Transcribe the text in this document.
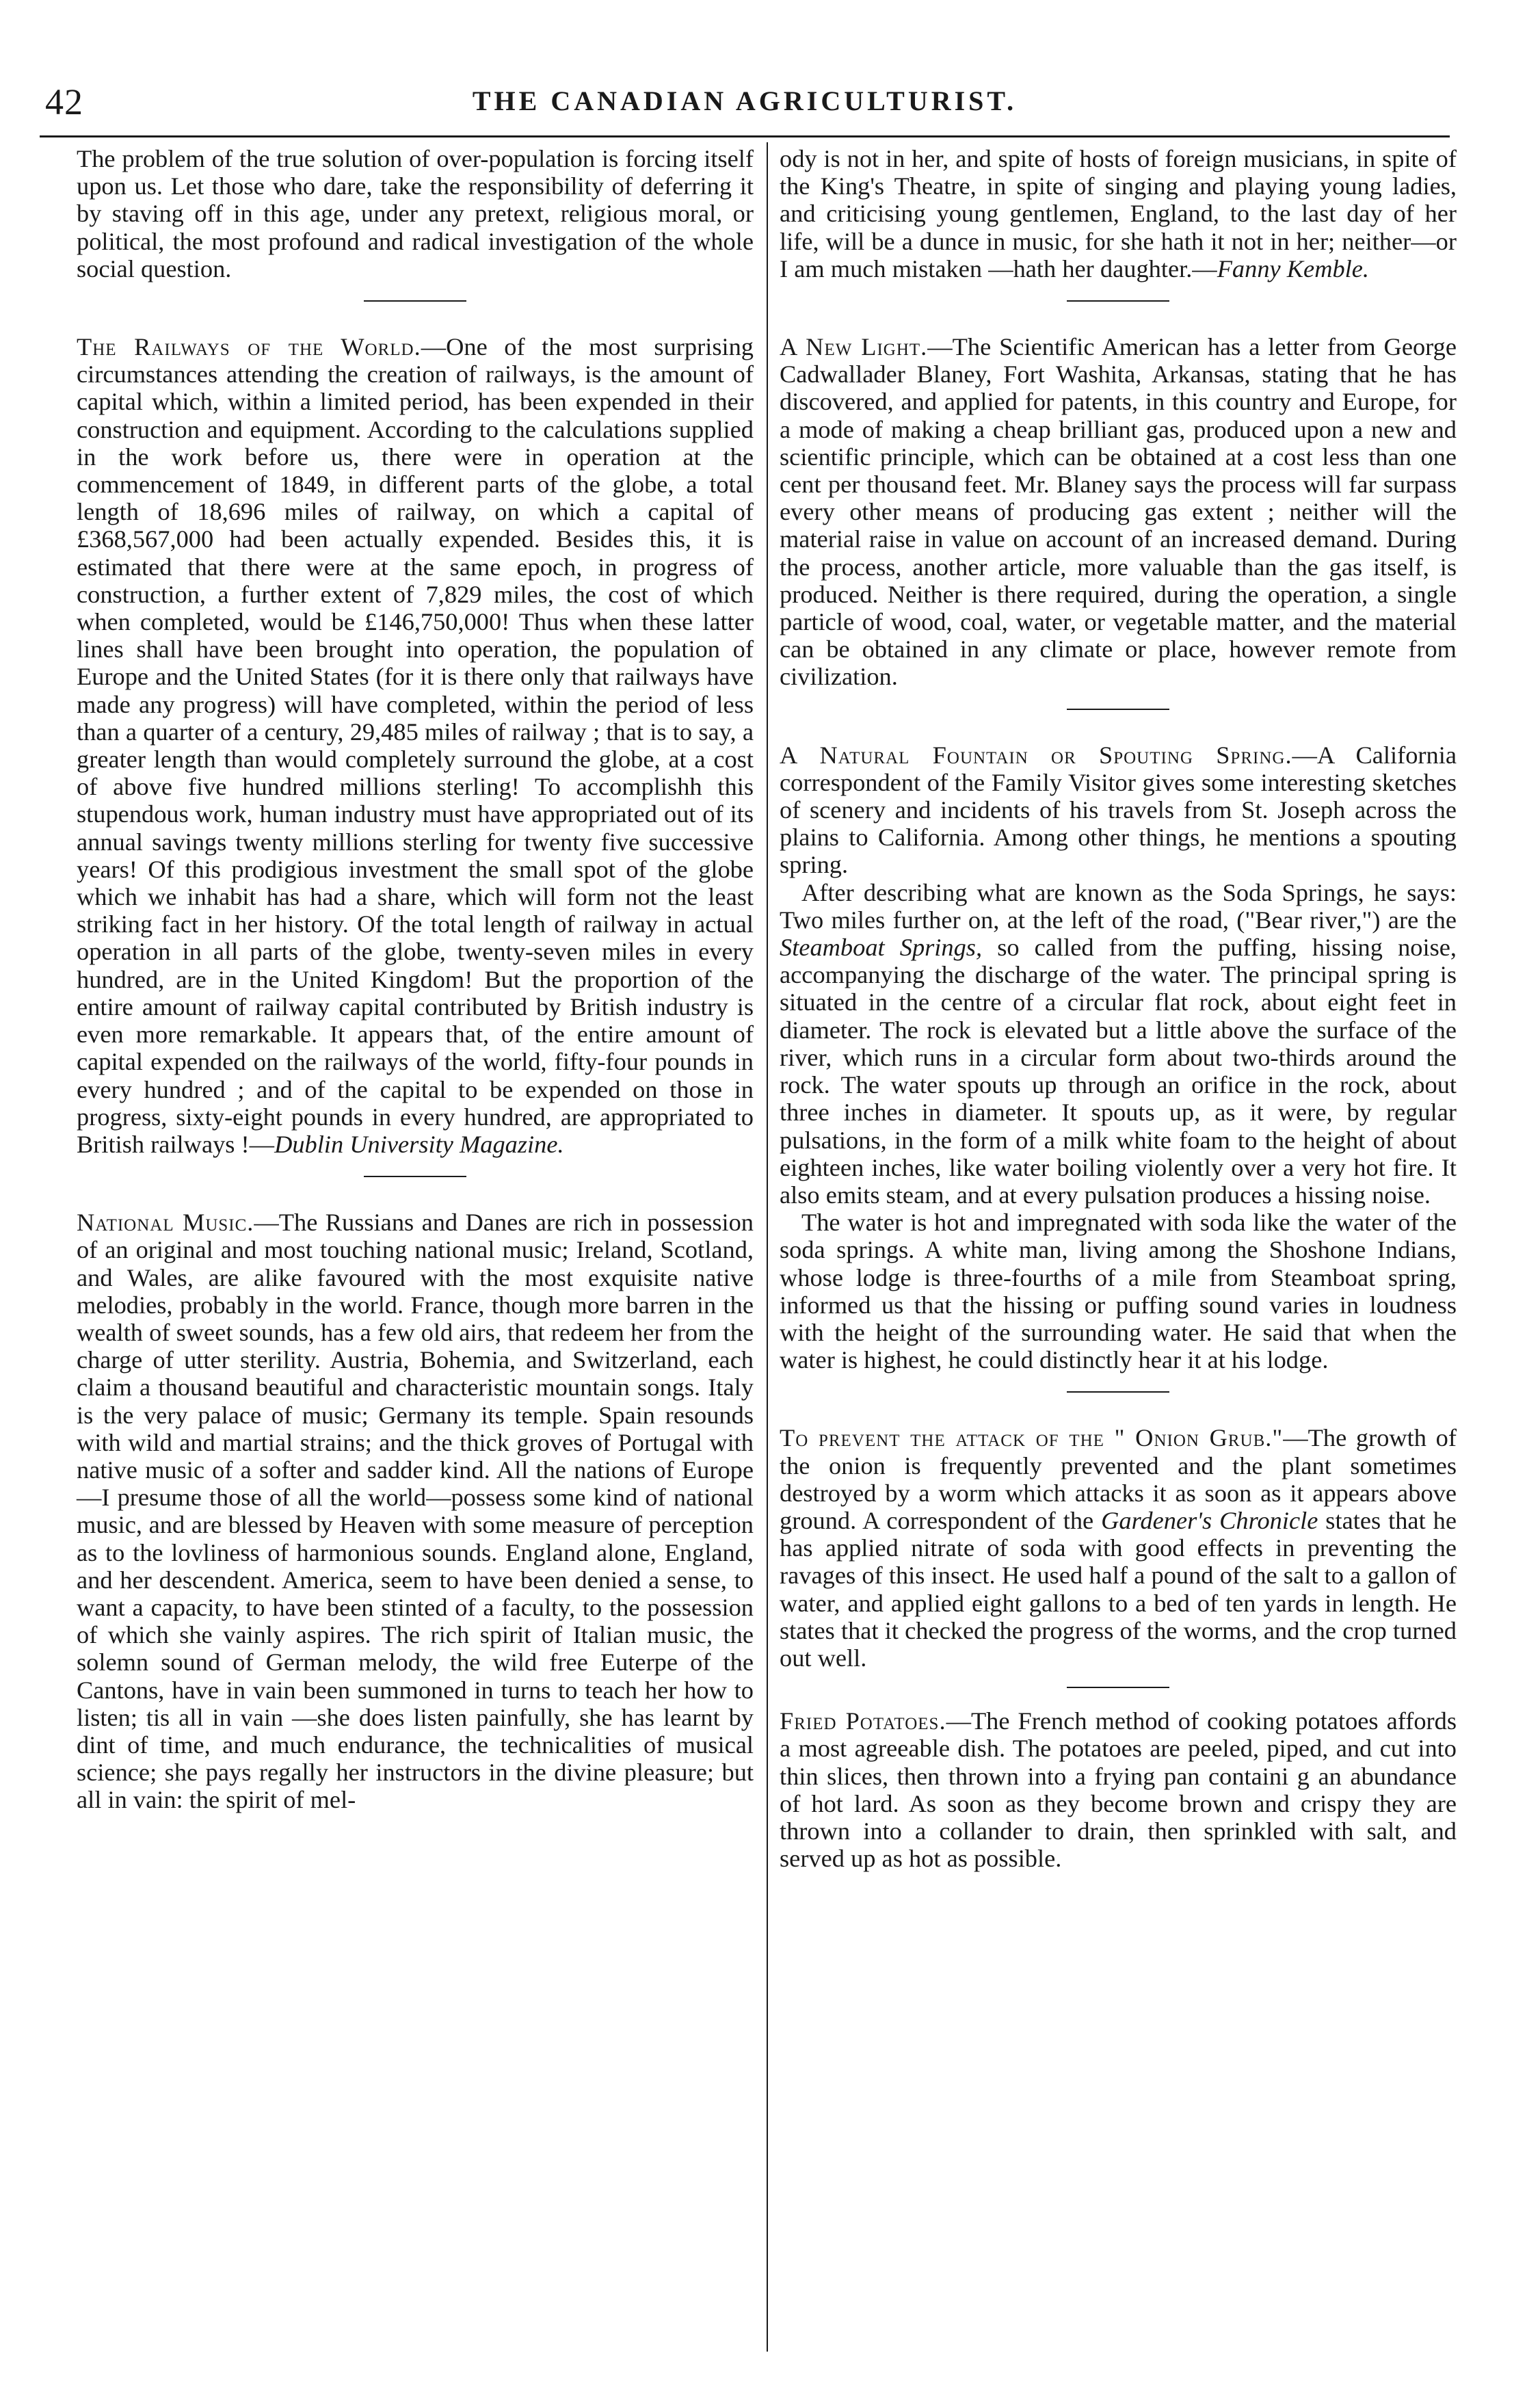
42	THE CANADIAN AGRICULTURIST.

The problem of the true solution of over-population is forcing itself upon us. Let those who dare, take the responsibility of deferring it by staving off in this age, under any pretext, religious moral, or political, the most profound and radical investigation of the whole social question.

The Railways of the World.—One of the most surprising circumstances attending the creation of railways, is the amount of capital which, within a limited period, has been expended in their construction and equipment. According to the calculations supplied in the work before us, there were in operation at the commencement of 1849, in different parts of the globe, a total length of 18,696 miles of railway, on which a capital of £368,567,000 had been actually expended. Besides this, it is estimated that there were at the same epoch, in progress of construction, a further extent of 7,829 miles, the cost of which when completed, would be £146,750,000! Thus when these latter lines shall have been brought into operation, the population of Europe and the United States (for it is there only that railways have made any progress) will have completed, within the period of less than a quarter of a century, 29,485 miles of railway ; that is to say, a greater length than would completely surround the globe, at a cost of above five hundred millions sterling! To accomplishh this stupendous work, human industry must have appropriated out of its annual savings twenty millions sterling for twenty five successive years! Of this prodigious investment the small spot of the globe which we inhabit has had a share, which will form not the least striking fact in her history. Of the total length of railway in actual operation in all parts of the globe, twenty-seven miles in every hundred, are in the United Kingdom! But the proportion of the entire amount of railway capital contributed by British industry is even more remarkable. It appears that, of the entire amount of capital expended on the railways of the world, fifty-four pounds in every hundred ; and of the capital to be expended on those in progress, sixty-eight pounds in every hundred, are appropriated to British railways !—Dublin University Magazine.

National Music.—The Russians and Danes are rich in possession of an original and most touching national music; Ireland, Scotland, and Wales, are alike favoured with the most exquisite native melodies, probably in the world. France, though more barren in the wealth of sweet sounds, has a few old airs, that redeem her from the charge of utter sterility. Austria, Bohemia, and Switzerland, each claim a thousand beautiful and characteristic mountain songs. Italy is the very palace of music; Germany its temple. Spain resounds with wild and martial strains; and the thick groves of Portugal with native music of a softer and sadder kind. All the nations of Europe—I presume those of all the world—possess some kind of national music, and are blessed by Heaven with some measure of perception as to the lovliness of harmonious sounds. England alone, England, and her descendent. America, seem to have been denied a sense, to want a capacity, to have been stinted of a faculty, to the possession of which she vainly aspires. The rich spirit of Italian music, the solemn sound of German melody, the wild free Euterpe of the Cantons, have in vain been summoned in turns to teach her how to listen; tis all in vain —she does listen painfully, she has learnt by dint of time, and much endurance, the technicalities of musical science; she pays regally her instructors in the divine pleasure; but all in vain: the spirit of mel-

ody is not in her, and spite of hosts of foreign musicians, in spite of the King's Theatre, in spite of singing and playing young ladies, and criticising young gentlemen, England, to the last day of her life, will be a dunce in music, for she hath it not in her; neither—or I am much mistaken —hath her daughter.—Fanny Kemble.

A New Light.—The Scientific American has a letter from George Cadwallader Blaney, Fort Washita, Arkansas, stating that he has discovered, and applied for patents, in this country and Europe, for a mode of making a cheap brilliant gas, produced upon a new and scientific principle, which can be obtained at a cost less than one cent per thousand feet. Mr. Blaney says the process will far surpass every other means of producing gas extent ; neither will the material raise in value on account of an increased demand. During the process, another article, more valuable than the gas itself, is produced. Neither is there required, during the operation, a single particle of wood, coal, water, or vegetable matter, and the material can be obtained in any climate or place, however remote from civilization.

A Natural Fountain or Spouting Spring.—A California correspondent of the Family Visitor gives some interesting sketches of scenery and incidents of his travels from St. Joseph across the plains to California. Among other things, he mentions a spouting spring.

After describing what are known as the Soda Springs, he says: Two miles further on, at the left of the road, ("Bear river,") are the Steamboat Springs, so called from the puffing, hissing noise, accompanying the discharge of the water. The principal spring is situated in the centre of a circular flat rock, about eight feet in diameter. The rock is elevated but a little above the surface of the river, which runs in a circular form about two-thirds around the rock. The water spouts up through an orifice in the rock, about three inches in diameter. It spouts up, as it were, by regular pulsations, in the form of a milk white foam to the height of about eighteen inches, like water boiling violently over a very hot fire. It also emits steam, and at every pulsation produces a hissing noise.

The water is hot and impregnated with soda like the water of the soda springs. A white man, living among the Shoshone Indians, whose lodge is three-fourths of a mile from Steamboat spring, informed us that the hissing or puffing sound varies in loudness with the height of the surrounding water. He said that when the water is highest, he could distinctly hear it at his lodge.

To prevent the attack of the " Onion Grub."—The growth of the onion is frequently prevented and the plant sometimes destroyed by a worm which attacks it as soon as it appears above ground. A correspondent of the Gardener's Chronicle states that he has applied nitrate of soda with good effects in preventing the ravages of this insect. He used half a pound of the salt to a gallon of water, and applied eight gallons to a bed of ten yards in length. He states that it checked the progress of the worms, and the crop turned out well.

Fried Potatoes.—The French method of cooking potatoes affords a most agreeable dish. The potatoes are peeled, piped, and cut into thin slices, then thrown into a frying pan containi g an abundance of hot lard. As soon as they become brown and crispy they are thrown into a collander to drain, then sprinkled with salt, and served up as hot as possible.
